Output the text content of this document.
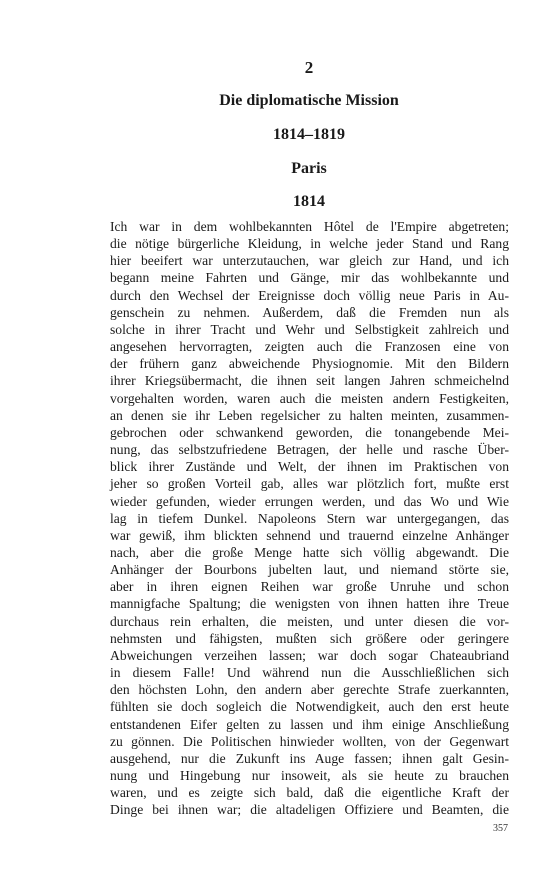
2
Die diplomatische Mission
1814–1819
Paris
1814
Ich war in dem wohlbekannten Hôtel de l'Empire abgetreten;
die nötige bürgerliche Kleidung, in welche jeder Stand und Rang
hier beeifert war unterzutauchen, war gleich zur Hand, und ich
begann meine Fahrten und Gänge, mir das wohlbekannte und
durch den Wechsel der Ereignisse doch völlig neue Paris in Au-
genschein zu nehmen. Außerdem, daß die Fremden nun als
solche in ihrer Tracht und Wehr und Selbstigkeit zahlreich und
angesehen hervorragten, zeigten auch die Franzosen eine von
der frühern ganz abweichende Physiognomie. Mit den Bildern
ihrer Kriegsübermacht, die ihnen seit langen Jahren schmeichelnd
vorgehalten worden, waren auch die meisten andern Festigkeiten,
an denen sie ihr Leben regelsicher zu halten meinten, zusammen-
gebrochen oder schwankend geworden, die tonangebende Mei-
nung, das selbstzufriedene Betragen, der helle und rasche Über-
blick ihrer Zustände und Welt, der ihnen im Praktischen von
jeher so großen Vorteil gab, alles war plötzlich fort, mußte erst
wieder gefunden, wieder errungen werden, und das Wo und Wie
lag in tiefem Dunkel. Napoleons Stern war untergegangen, das
war gewiß, ihm blickten sehnend und trauernd einzelne Anhänger
nach, aber die große Menge hatte sich völlig abgewandt. Die
Anhänger der Bourbons jubelten laut, und niemand störte sie,
aber in ihren eignen Reihen war große Unruhe und schon
mannigfache Spaltung; die wenigsten von ihnen hatten ihre Treue
durchaus rein erhalten, die meisten, und unter diesen die vor-
nehmsten und fähigsten, mußten sich größere oder geringere
Abweichungen verzeihen lassen; war doch sogar Chateaubriand
in diesem Falle! Und während nun die Ausschließlichen sich
den höchsten Lohn, den andern aber gerechte Strafe zuerkannten,
fühlten sie doch sogleich die Notwendigkeit, auch den erst heute
entstandenen Eifer gelten zu lassen und ihm einige Anschließung
zu gönnen. Die Politischen hinwieder wollten, von der Gegenwart
ausgehend, nur die Zukunft ins Auge fassen; ihnen galt Gesin-
nung und Hingebung nur insoweit, als sie heute zu brauchen
waren, und es zeigte sich bald, daß die eigentliche Kraft der
Dinge bei ihnen war; die altadeligen Offiziere und Beamten, die
357
